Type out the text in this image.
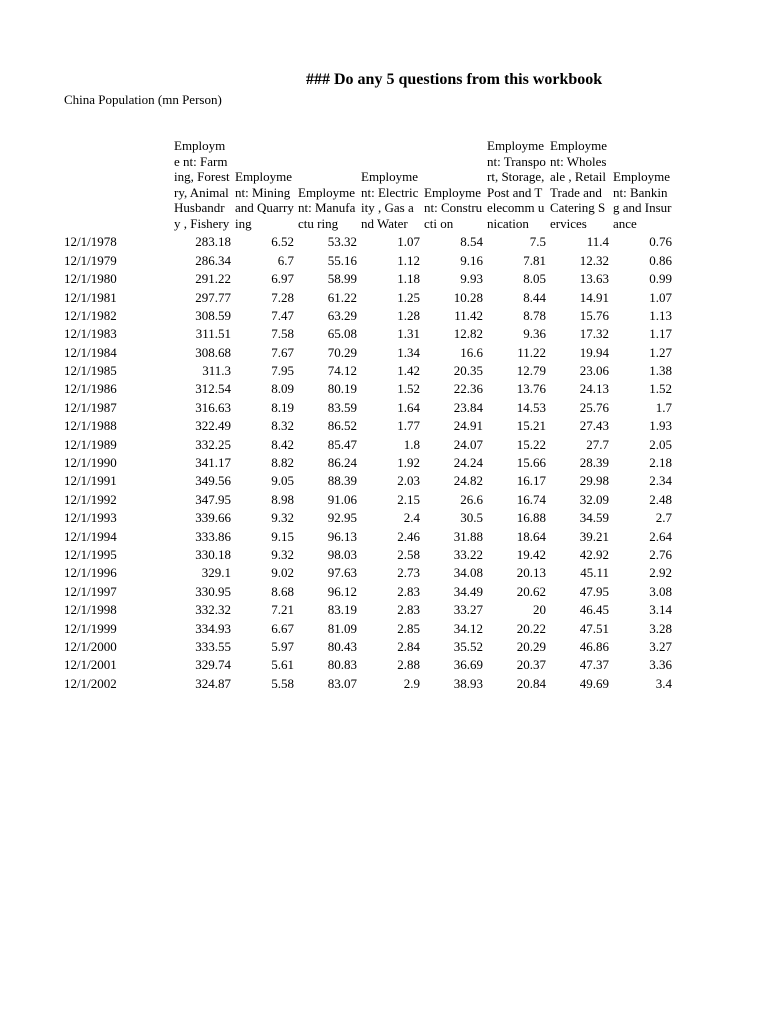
### Do any 5 questions from this workbook
China Population (mn Person)

	Employme nt: Farming, Forestry, Animal Husbandry , Fishery	Employme nt: Mining and Quarrying	Employme nt: Manufactu ring	Employme nt: Electricity , Gas and Water	Employme nt: Constructi on	Employme nt: Transport, Storage, Post and Telecomm unication	Employme nt: Wholesale , Retail Trade and Catering Services	Employme nt: Banking and Insurance

12/1/1978	283.18	6.52	53.32	1.07	8.54	7.5	11.4	0.76
12/1/1979	286.34	6.7	55.16	1.12	9.16	7.81	12.32	0.86
12/1/1980	291.22	6.97	58.99	1.18	9.93	8.05	13.63	0.99
12/1/1981	297.77	7.28	61.22	1.25	10.28	8.44	14.91	1.07
12/1/1982	308.59	7.47	63.29	1.28	11.42	8.78	15.76	1.13
12/1/1983	311.51	7.58	65.08	1.31	12.82	9.36	17.32	1.17
12/1/1984	308.68	7.67	70.29	1.34	16.6	11.22	19.94	1.27
12/1/1985	311.3	7.95	74.12	1.42	20.35	12.79	23.06	1.38
12/1/1986	312.54	8.09	80.19	1.52	22.36	13.76	24.13	1.52
12/1/1987	316.63	8.19	83.59	1.64	23.84	14.53	25.76	1.7
12/1/1988	322.49	8.32	86.52	1.77	24.91	15.21	27.43	1.93
12/1/1989	332.25	8.42	85.47	1.8	24.07	15.22	27.7	2.05
12/1/1990	341.17	8.82	86.24	1.92	24.24	15.66	28.39	2.18
12/1/1991	349.56	9.05	88.39	2.03	24.82	16.17	29.98	2.34
12/1/1992	347.95	8.98	91.06	2.15	26.6	16.74	32.09	2.48
12/1/1993	339.66	9.32	92.95	2.4	30.5	16.88	34.59	2.7
12/1/1994	333.86	9.15	96.13	2.46	31.88	18.64	39.21	2.64
12/1/1995	330.18	9.32	98.03	2.58	33.22	19.42	42.92	2.76
12/1/1996	329.1	9.02	97.63	2.73	34.08	20.13	45.11	2.92
12/1/1997	330.95	8.68	96.12	2.83	34.49	20.62	47.95	3.08
12/1/1998	332.32	7.21	83.19	2.83	33.27	20	46.45	3.14
12/1/1999	334.93	6.67	81.09	2.85	34.12	20.22	47.51	3.28
12/1/2000	333.55	5.97	80.43	2.84	35.52	20.29	46.86	3.27
12/1/2001	329.74	5.61	80.83	2.88	36.69	20.37	47.37	3.36
12/1/2002	324.87	5.58	83.07	2.9	38.93	20.84	49.69	3.4
